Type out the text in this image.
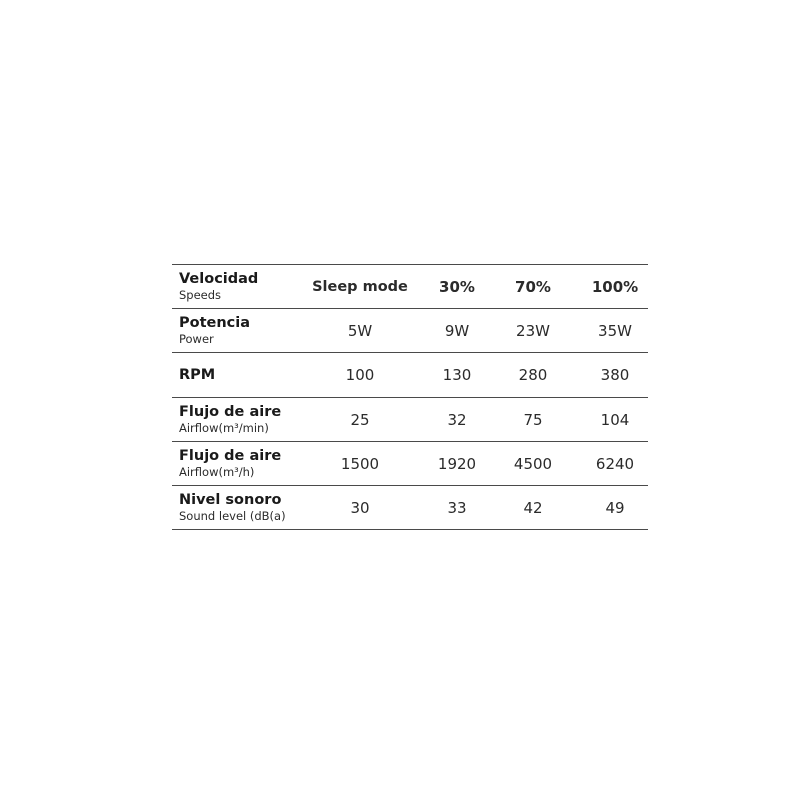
Velocidad
Speeds	Sleep mode	30%	70%	100%

Potencia
Power	5W	9W	23W	35W

RPM	100	130	280	380

Flujo de aire
Airflow(m³/min)	25	32	75	104

Flujo de aire
Airflow(m³/h)	1500	1920	4500	6240

Nivel sonoro
Sound level (dB(a)	30	33	42	49
